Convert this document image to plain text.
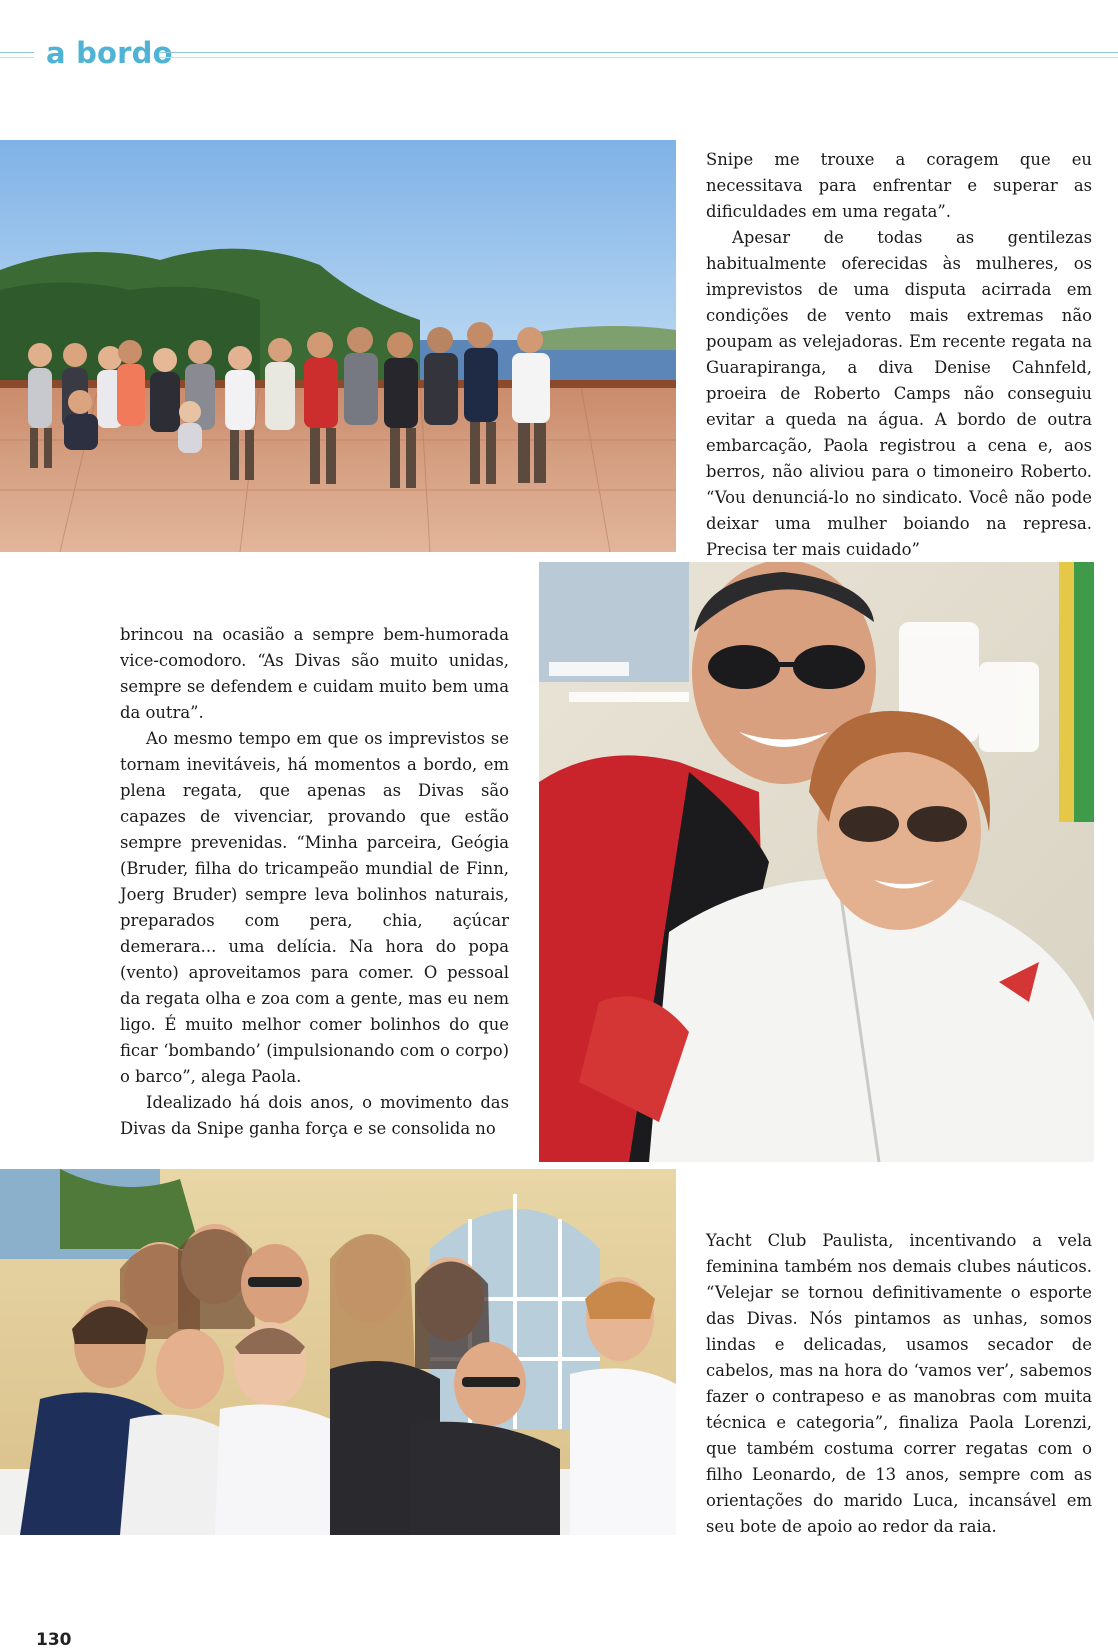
a bordo

Snipe me trouxe a coragem que eu necessitava para enfrentar e superar as dificuldades em uma regata”.

Apesar de todas as gentilezas habitualmente oferecidas às mulheres, os imprevistos de uma disputa acirrada em condições de vento mais extremas não poupam as velejadoras. Em recente regata na Guarapiranga, a diva Denise Cahnfeld, proeira de Roberto Camps não conseguiu evitar a queda na água. A bordo de outra embarcação, Paola registrou a cena e, aos berros, não aliviou para o timoneiro Roberto. “Vou denunciá-lo no sindicato. Você não pode deixar uma mulher boiando na represa. Precisa ter mais cuidado”

brincou na ocasião a sempre bem-humorada vice-comodoro. “As Divas são muito unidas, sempre se defendem e cuidam muito bem uma da outra”.

Ao mesmo tempo em que os imprevistos se tornam inevitáveis, há momentos a bordo, em plena regata, que apenas as Divas são capazes de vivenciar, provando que estão sempre prevenidas. “Minha parceira, Geógia (Bruder, filha do tricampeão mundial de Finn, Joerg Bruder) sempre leva bolinhos naturais, preparados com pera, chia, açúcar demerara... uma delícia. Na hora do popa (vento) aproveitamos para comer. O pessoal da regata olha e zoa com a gente, mas eu nem ligo. É muito melhor comer bolinhos do que ficar ‘bombando’ (impulsionando com o corpo) o barco”, alega Paola.

Idealizado há dois anos, o movimento das Divas da Snipe ganha força e se consolida no

Yacht Club Paulista, incentivando a vela feminina também nos demais clubes náuticos. “Velejar se tornou definitivamente o esporte das Divas. Nós pintamos as unhas, somos lindas e delicadas, usamos secador de cabelos, mas na hora do ‘vamos ver’, sabemos fazer o contrapeso e as manobras com muita técnica e categoria”, finaliza Paola Lorenzi, que também costuma correr regatas com o filho Leonardo, de 13 anos, sempre com as orientações do marido Luca, incansável em seu bote de apoio ao redor da raia.

130
